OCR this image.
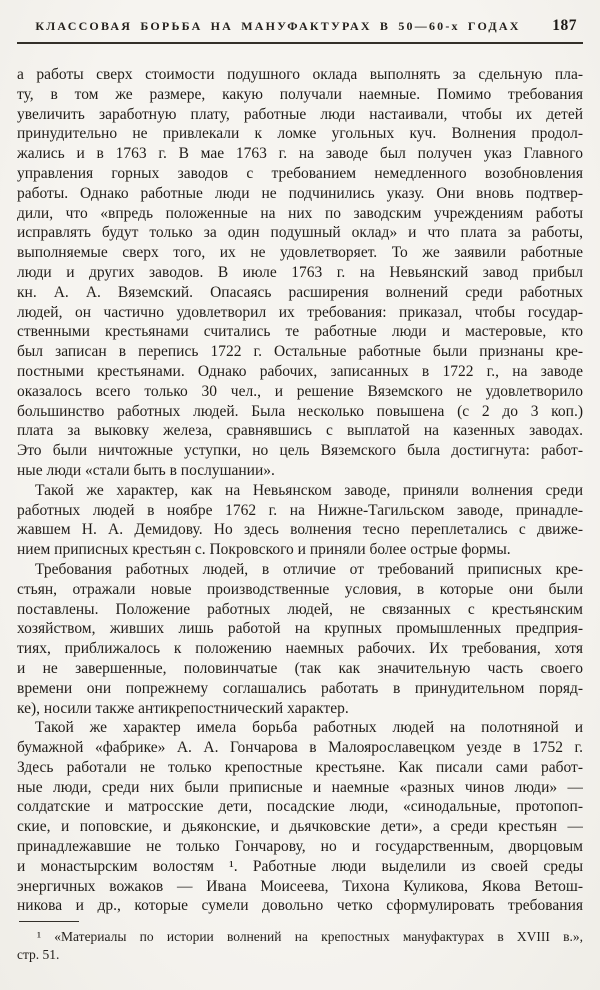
КЛАССОВАЯ БОРЬБА НА МАНУФАКТУРАХ В 50—60-х ГОДАХ	187
а работы сверх стоимости подушного оклада выполнять за сдельную пла-
ту, в том же размере, какую получали наемные. Помимо требования
увеличить заработную плату, работные люди настаивали, чтобы их детей
принудительно не привлекали к ломке угольных куч. Волнения продол-
жались и в 1763 г. В мае 1763 г. на заводе был получен указ Главного
управления горных заводов с требованием немедленного возобновления
работы. Однако работные люди не подчинились указу. Они вновь подтвер-
дили, что «впредь положенные на них по заводским учреждениям работы
исправлять будут только за один подушный оклад» и что плата за работы,
выполняемые сверх того, их не удовлетворяет. То же заявили работные
люди и других заводов. В июле 1763 г. на Невьянский завод прибыл
кн. А. А. Вяземский. Опасаясь расширения волнений среди работных
людей, он частично удовлетворил их требования: приказал, чтобы государ-
ственными крестьянами считались те работные люди и мастеровые, кто
был записан в перепись 1722 г. Остальные работные были признаны кре-
постными крестьянами. Однако рабочих, записанных в 1722 г., на заводе
оказалось всего только 30 чел., и решение Вяземского не удовлетворило
большинство работных людей. Была несколько повышена (с 2 до 3 коп.)
плата за выковку железа, сравнявшись с выплатой на казенных заводах.
Это были ничтожные уступки, но цель Вяземского была достигнута: работ-
ные люди «стали быть в послушании».
Такой же характер, как на Невьянском заводе, приняли волнения среди
работных людей в ноябре 1762 г. на Нижне-Тагильском заводе, принадле-
жавшем Н. А. Демидову. Но здесь волнения тесно переплетались с движе-
нием приписных крестьян с. Покровского и приняли более острые формы.
Требования работных людей, в отличие от требований приписных кре-
стьян, отражали новые производственные условия, в которые они были
поставлены. Положение работных людей, не связанных с крестьянским
хозяйством, живших лишь работой на крупных промышленных предприя-
тиях, приближалось к положению наемных рабочих. Их требования, хотя
и не завершенные, половинчатые (так как значительную часть своего
времени они попрежнему соглашались работать в принудительном поряд-
ке), носили также антикрепостнический характер.
Такой же характер имела борьба работных людей на полотняной и
бумажной «фабрике» А. А. Гончарова в Малоярославецком уезде в 1752 г.
Здесь работали не только крепостные крестьяне. Как писали сами работ-
ные люди, среди них были приписные и наемные «разных чинов люди» —
солдатские и матросские дети, посадские люди, «синодальные, протопоп-
ские, и поповские, и дьяконские, и дьячковские дети», а среди крестьян —
принадлежавшие не только Гончарову, но и государственным, дворцовым
и монастырским волостям ¹. Работные люди выделили из своей среды
энергичных вожаков — Ивана Моисеева, Тихона Куликова, Якова Ветош-
никова и др., которые сумели довольно четко сформулировать требования
¹ «Материалы по истории волнений на крепостных мануфактурах в XVIII в.»,
стр. 51.
